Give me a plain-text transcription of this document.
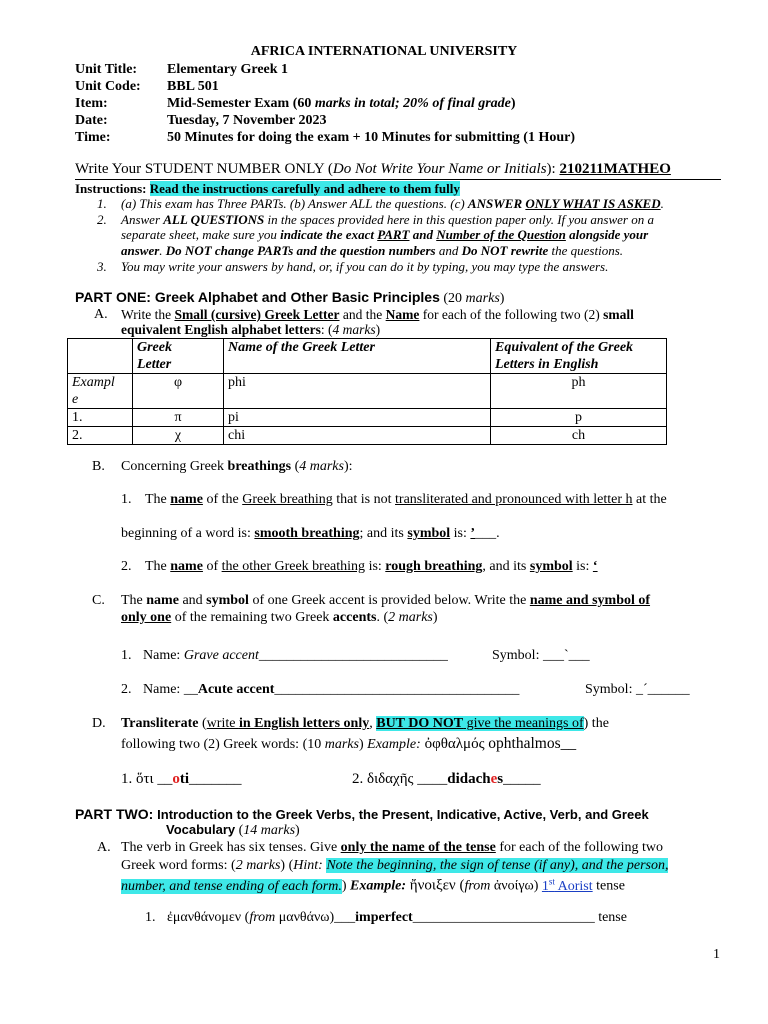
AFRICA INTERNATIONAL UNIVERSITY
Unit Title: Elementary Greek 1
Unit Code: BBL 501
Item:	Mid-Semester Exam (60 marks in total; 20% of final grade)
Date:	Tuesday, 7 November 2023
Time:	50 Minutes for doing the exam + 10 Minutes for submitting (1 Hour)
Write Your STUDENT NUMBER ONLY (Do Not Write Your Name or Initials): 210211MATHEO
Instructions: Read the instructions carefully and adhere to them fully
1. (a) This exam has Three PARTs. (b) Answer ALL the questions. (c) ANSWER ONLY WHAT IS ASKED.
2. Answer ALL QUESTIONS in the spaces provided here in this question paper only. If you answer on a
separate sheet, make sure you indicate the exact PART and Number of the Question alongside your
answer. Do NOT change PARTs and the question numbers and Do NOT rewrite the questions.
3. You may write your answers by hand, or, if you can do it by typing, you may type the answers.
PART ONE: Greek Alphabet and Other Basic Principles (20 marks)
A. Write the Small (cursive) Greek Letter and the Name for each of the following two (2) small
equivalent English alphabet letters: (4 marks)
	Greek
Letter	Name of the Greek Letter	Equivalent of the Greek
Letters in English
Exampl
e	φ	phi	ph
1.	π	pi	p
2.	χ	chi	ch
B. Concerning Greek breathings (4 marks):
1. The name of the Greek breathing that is not transliterated and pronounced with letter h at the
beginning of a word is: smooth breathing; and its symbol is: ’___.
2. The name of the other Greek breathing is: rough breathing, and its symbol is: ‘
C. The name and symbol of one Greek accent is provided below. Write the name and symbol of
only one of the remaining two Greek accents. (2 marks)
1. Name: Grave accent___________________________	Symbol: ___`___
2. Name: __Acute accent___________________________________	Symbol: _´______
D. Transliterate (write in English letters only, BUT DO NOT give the meanings of) the
following two (2) Greek words: (10 marks) Example: ὀφθαλμός ophthalmos__
1. ὅτι __oti_______	2. διδαχῆς ____didaches_____
PART TWO: Introduction to the Greek Verbs, the Present, Indicative, Active, Verb, and Greek
Vocabulary (14 marks)
A. The verb in Greek has six tenses. Give only the name of the tense for each of the following two
Greek word forms: (2 marks) (Hint: Note the beginning, the sign of tense (if any), and the person,
number, and tense ending of each form.) Example: ἤνοιξεν (from ἀνοίγω) 1st Aorist tense
1. ἐμανθάνομεν (from μανθάνω)___imperfect__________________________ tense
1
